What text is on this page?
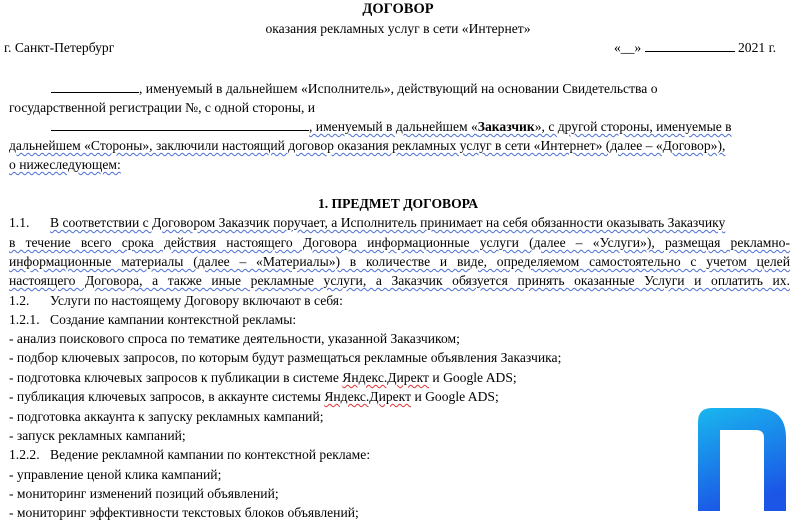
ДОГОВОР
оказания рекламных услуг в сети «Интернет»
г. Санкт-Петербург	«__»	2021 г.
, именуемый в дальнейшем «Исполнитель», действующий на основании Свидетельства о
государственной регистрации №, с одной стороны, и
, именуемый в дальнейшем «Заказчик», с другой стороны, именуемые в
дальнейшем «Стороны», заключили настоящий договор оказания рекламных услуг в сети «Интернет» (далее – «Договор»),
о нижеследующем:
1. ПРЕДМЕТ ДОГОВОРА
1.1. В соответствии с Договором Заказчик поручает, а Исполнитель принимает на себя обязанности оказывать Заказчику
в течение всего срока действия настоящего Договора информационные услуги (далее – «Услуги»), размещая рекламно-
информационные материалы (далее – «Материалы») в количестве и виде, определяемом самостоятельно с учетом целей
настоящего Договора, а также иные рекламные услуги, а Заказчик обязуется принять оказанные Услуги и оплатить их.
1.2. Услуги по настоящему Договору включают в себя:
1.2.1. Создание кампании контекстной рекламы:
- анализ поискового спроса по тематике деятельности, указанной Заказчиком;
- подбор ключевых запросов, по которым будут размещаться рекламные объявления Заказчика;
- подготовка ключевых запросов к публикации в системе Яндекс.Директ и Google ADS;
- публикация ключевых запросов, в аккаунте системы Яндекс.Директ и Google ADS;
- подготовка аккаунта к запуску рекламных кампаний;
- запуск рекламных кампаний;
1.2.2. Ведение рекламной кампании по контекстной рекламе:
- управление ценой клика кампаний;
- мониторинг изменений позиций объявлений;
- мониторинг эффективности текстовых блоков объявлений;
